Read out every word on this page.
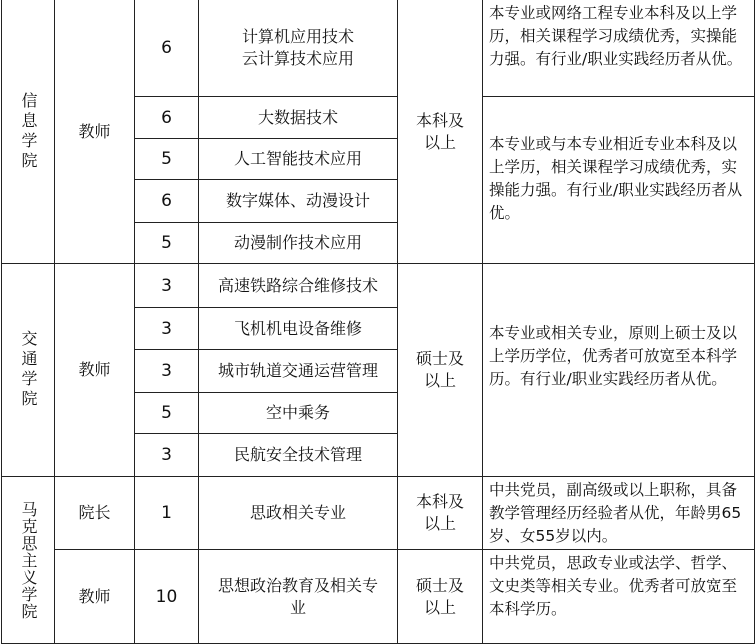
信息学院	教师	6	计算机应用技术
云计算技术应用	本科及以上	本专业或网络工程专业本科及以上学历，相关课程学习成绩优秀，实操能力强。有行业/职业实践经历者从优。
		6	大数据技术		本专业或与本专业相近专业本科及以上学历，相关课程学习成绩优秀，实操能力强。有行业/职业实践经历者从优。
		5	人工智能技术应用		
		6	数字媒体、动漫设计		
		5	动漫制作技术应用		
交通学院	教师	3	高速铁路综合维修技术	硕士及以上	本专业或相关专业，原则上硕士及以上学历学位，优秀者可放宽至本科学历。有行业/职业实践经历者从优。
		3	飞机机电设备维修		
		3	城市轨道交通运营管理		
		5	空中乘务		
		3	民航安全技术管理		
马克思主义学院	院长	1	思政相关专业	本科及以上	中共党员，副高级或以上职称，具备教学管理经历经验者从优，年龄男65岁、女55岁以内。
	教师	10	思想政治教育及相关专业	硕士及以上	中共党员，思政专业或法学、哲学、文史类等相关专业。优秀者可放宽至本科学历。
